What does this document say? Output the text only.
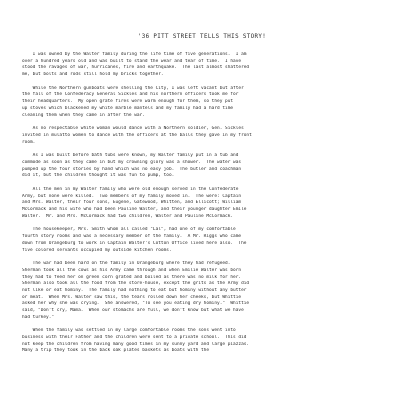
'36 PITT STREET TELLS THIS STORY!
I was owned by the Walter family during the life time of five generations.  I am
over a hundred years old and was built to stand the wear and tear of time.  I have
stood the ravages of war, hurricanes, fire and earthquake.  The last almost shattered
me, but bolts and rods still hold my bricks together.
While the Northern gunboats were shelling the City, I was left vacant but after
the fall of the Confederacy General Sickles and his northern officers took me for
their headquarters.  My open grate fires were warm enough for them, so they put
up stoves which blackened my white marble mantels and my family had a hard time
cleaning them when they came in after the war.
As no respectable white woman would dance with a Northern soldier, Gen. Sickles
invited in mulatto women to dance with the officers at the balls they gave in my front
room.
As I was built before bath tubs were known, my Walter family put in a tub and
commode as soon as they came in but my crowning glory was a shower.  The water was
pumped up the four stories by hand which was no easy job.  The butler and coachman
did it, but the children thought it was fun to pump, too.
All the men in my Walter family who were old enough served in the Confederate
Army, but none were killed.  Two members of my family moved in.  The were: Captain
and Mrs. Walter, their four sons, Eugene, Gatewood, Whitten, and Ellicott; William
McCormack and his wife who had been Pauline Walter, and their younger daughter Emile
Walter.  Mr. and Mrs. McCormack had two children, Walter and Pauline McCormack.
The housekeeper, Mrs. Smith whom all called "Lal", had one of my comfortable
fourth story rooms and was a necessary member of the family.  A Mr. Riggs who came
down from Orangeburg to work in Captain Walter's Cotton Office lived here also.  The
five colored servants occupied my outside kitchen rooms.
The war had been hard on the family in Orangeburg where they had refugeed.
Sherman took all the cows as his Army came through and when Emilie Walter was born
they had to feed her on green corn grated and boiled as there was no milk for her.
Sherman also took all the food from the store-house, except the grits as the Army did
not like or eat hominy.  The family had nothing to eat but hominy without any butter
or meat.  When Mrs. Walter saw this, the tears rolled down her cheeks, but Whittie
asked her why she was crying.  She answered, "To see you eating dry hominy."  Whittie
said, "Don't cry, Mama.  When our stomachs are full, we don't know but what we have
had turkey."
When the family was settled in my large comfortable rooms the sons went into
business with their Father and the children were sent to a private school.  This did
not keep the children from having many good times in my sunny yard and large piazzas.
Many a trip they took in the back oak plates baskets as boats with the
